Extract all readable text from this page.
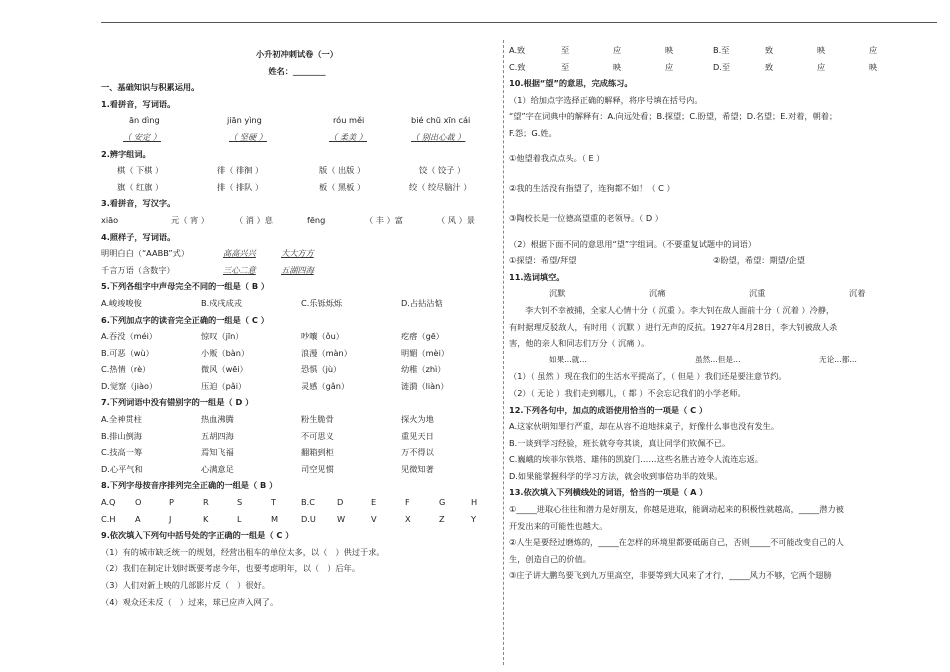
小升初冲刺试卷（一）
姓名：________
一、基础知识与积累运用。
1.看拼音，写词语。
ān dìng	jiān yìng	róu měi	bié chū xīn cái
（ 安定 ）	（ 坚硬 ）	（ 柔美 ）	（ 别出心裁 ）
2.辨字组词。
棋（ 下棋 ）	徘（ 徘徊 ）	版（ 出版 ）	饺（ 饺子 ）
旗（ 红旗 ）	排（ 排队 ）	板（ 黑板 ）	绞（ 绞尽脑汁 ）
3.看拼音，写汉字。
xiāo	元（ 宵 ）	（ 消 ）息	fēng	（ 丰 ）富	（ 风 ）景
4.照样子，写词语。
明明白白（“AABB”式）	高高兴兴	大大方方
千言万语（含数字）	三心二意	五湖四海
5.下列各组字中声母完全不同的一组是（ B ）
A.峻竣唆俊	B.戍戌成戎	C.乐铄烁烁	D.占拈沾惦
6.下列加点字的读音完全正确的一组是（ C ）
A.吞没（méi）	惊叹（jīn）	吵嚷（ǒu）	疙瘩（gē）
B.可恶（wù）	小贩（bàn）	浪漫（màn）	明媚（mèi）
C.热情（rè）	微风（wēi）	恐惧（jù）	幼稚（zhì）
D.觉察（jiào）	压迫（pǎi）	灵感（gǎn）	涟漪（liàn）
7.下列词语中没有错别字的一组是（ D ）
A.全神贯柱	热血沸腾	粉生脆骨	探火为地
B.排山倒海	五胡四海	不可思义	重见天日
C.技高一筹	焉知飞福	翻箱到柜	万不得以
D.心平气和	心满意足	司空见惯	见微知著
8.下列字母按音序排列完全正确的一组是（ B ）
A.Q O	P	R	S	T	B.C	D	E	F	G	H
C.H A	J	K	L	M	D.U	W	V	X	Z	Y
9.依次填入下列句中括号处的字正确的一组是（ C ）
（1）有的城市缺乏统一的规划，经营出租车的单位太多，以（　）供过于求。
（2）我们在制定计划时既要考虑今年，也要考虑明年，以（　）后年。
（3）人们对新上映的几部影片反（　）很好。
（4）观众还未反（　）过来，球已应声入网了。
A.致	至	应	映	B.至	致	映	应
C.致	至	映	应	D.至	致	应	映
10.根据“望”的意思，完成练习。
（1）给加点字选择正确的解释，将序号填在括号内。
“望”字在词典中的解释有：A.向远处看；B.探望；C.盼望，希望；D.名望；E.对着，朝着；
F.怨；G.姓。
①他望着我点点头。（ E ）
②我的生活没有指望了，连狗都不如！（ C ）
③陶校长是一位德高望重的老领导。（ D ）
（2）根据下面不同的意思用“望”字组词。（不要重复试题中的词语）
①探望：希望/拜望	②盼望，希望：期望/企望
11.选词填空。
沉默	沉痛	沉重	沉着
李大钊不幸被捕，全家人心情十分（ 沉重 ）。李大钊在敌人面前十分（ 沉着 ）冷静，
有时据理反驳敌人，有时用（ 沉默 ）进行无声的反抗。1927年4月28日，李大钊被敌人杀
害，他的亲人和同志们万分（ 沉痛 ）。
如果…就…	虽然…但是…	无论…都…
（1）（ 虽然 ）现在我们的生活水平提高了，（ 但是 ）我们还是要注意节约。
（2）（ 无论 ）我们走到哪儿，（ 都 ）不会忘记我们的小学老师。
12.下列各句中，加点的成语使用恰当的一项是（ C ）
A.这家伙明知罪行严重，却在从容不迫地抹桌子，好像什么事也没有发生。
B.一谈到学习经验，班长就夸夸其谈，真让同学们钦佩不已。
C.巍峨的埃菲尔铁塔、雄伟的凯旋门……这些名胜古迹令人流连忘返。
D.如果能掌握科学的学习方法，就会收到事倍功半的效果。
13.依次填入下列横线处的词语，恰当的一项是（ A ）
①_____进取心往往和潜力是好朋友，你越是进取，能调动起来的积极性就越高，_____潜力被
开发出来的可能性也越大。
②人生是要经过磨炼的，_____在怎样的环境里都要砥砺自己，否则_____不可能改变自己的人
生，创造自己的价值。
③庄子讲大鹏鸟要飞到九万里高空，非要等到大风来了才行，_____风力不够，它两个翅膀
